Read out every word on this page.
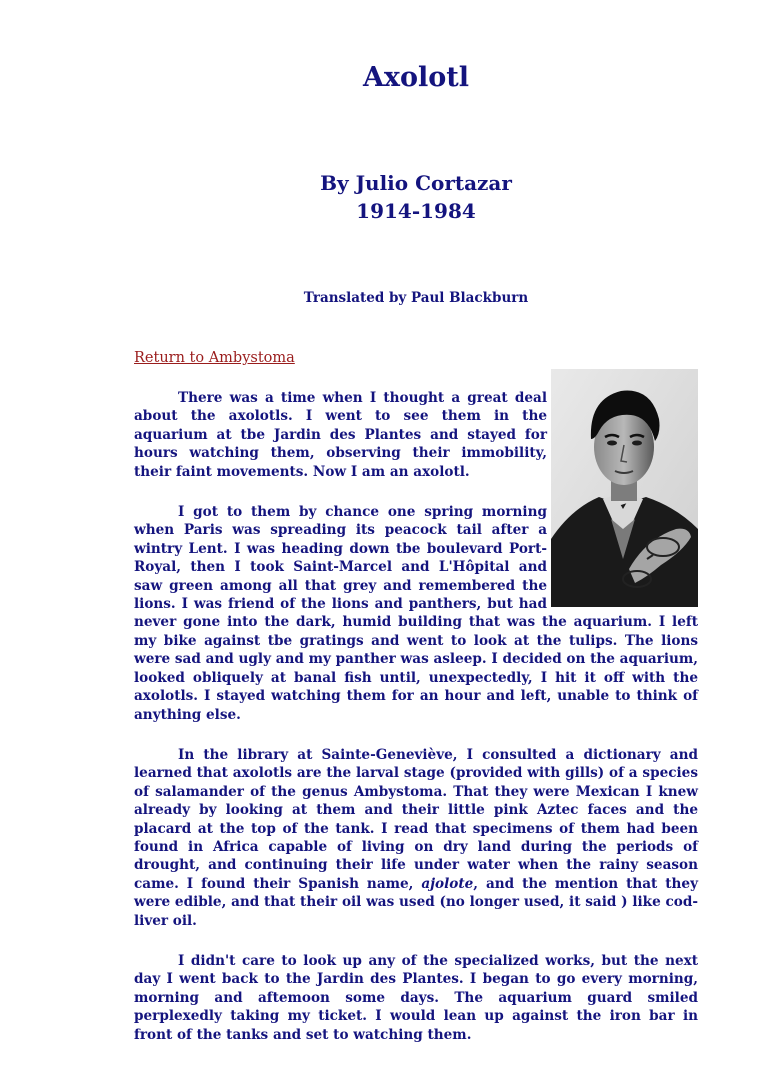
Axolotl
By Julio Cortazar
1914-1984
Translated by Paul Blackburn
Return to Ambystoma

There was a time when I thought a great deal about the axolotls. I went to see them in the aquarium at tbe Jardin des Plantes and stayed for hours watching them, observing their immobility, their faint movements. Now I am an axolotl.

I got to them by chance one spring morning when Paris was spreading its peacock tail after a wintry Lent. I was heading down tbe boulevard Port-Royal, then I took Saint-Marcel and L'Hôpital and saw green among all that grey and remembered the lions. I was friend of the lions and panthers, but had never gone into the dark, humid building that was the aquarium. I left my bike against tbe gratings and went to look at the tulips. The lions were sad and ugly and my panther was asleep. I decided on the aquarium, looked obliquely at banal fish until, unexpectedly, I hit it off with the axolotls. I stayed watching them for an hour and left, unable to think of anything else.

In the library at Sainte-Geneviève, I consulted a dictionary and learned that axolotls are the larval stage (provided with gills) of a species of salamander of the genus Ambystoma. That they were Mexican I knew already by looking at them and their little pink Aztec faces and the placard at the top of the tank. I read that specimens of them had been found in Africa capable of living on dry land during the periods of drought, and continuing their life under water when the rainy season came. I found their Spanish name, ajolote, and the mention that they were edible, and that their oil was used (no longer used, it said ) like cod-liver oil.

I didn't care to look up any of the specialized works, but the next day I went back to the Jardin des Plantes. I began to go every morning, morning and aftemoon some days. The aquarium guard smiled perplexedly taking my ticket. I would lean up against the iron bar in front of the tanks and set to watching them.
